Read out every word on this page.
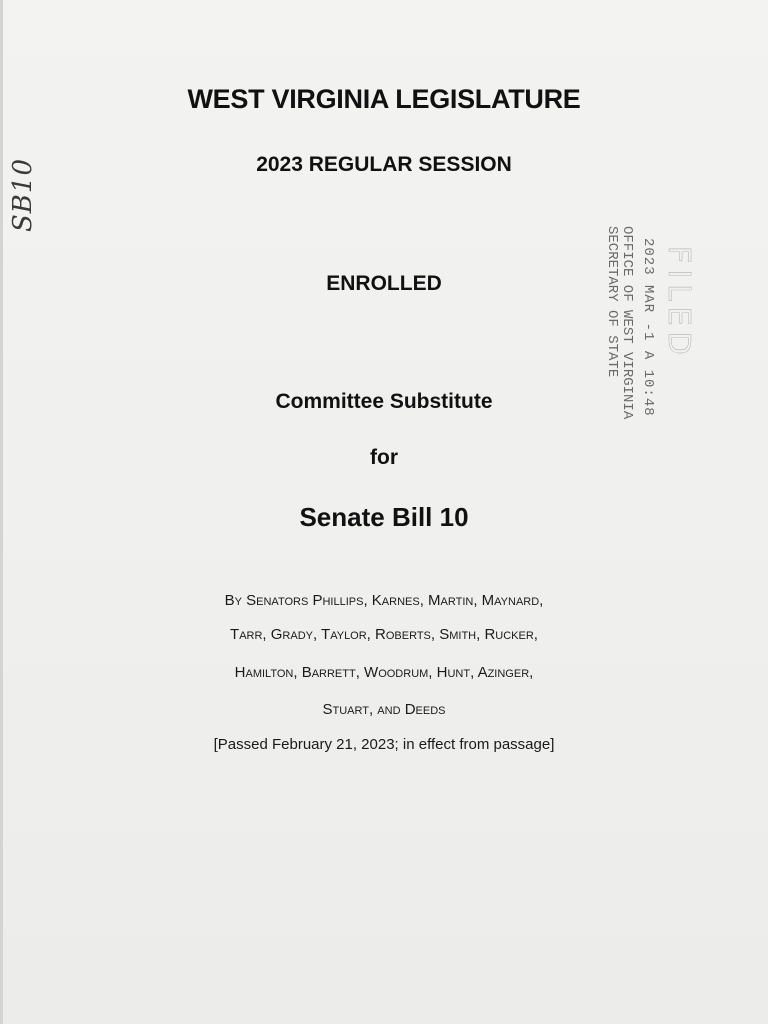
WEST VIRGINIA LEGISLATURE
2023 REGULAR SESSION
ENROLLED
Committee Substitute
for
Senate Bill 10
By Senators Phillips, Karnes, Martin, Maynard,
Tarr, Grady, Taylor, Roberts, Smith, Rucker,
Hamilton, Barrett, Woodrum, Hunt, Azinger,
Stuart, and Deeds
[Passed February 21, 2023; in effect from passage]
SB10
FILED
2023 MAR -1 A 10:48
OFFICE OF WEST VIRGINIA
SECRETARY OF STATE
